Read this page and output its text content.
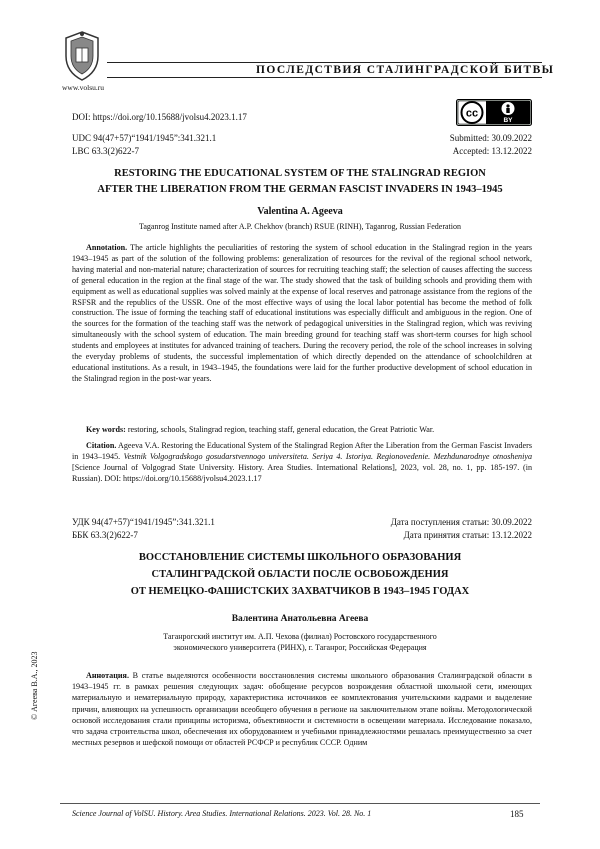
www.volsu.ru
ПОСЛЕДСТВИЯ СТАЛИНГРАДСКОЙ БИТВЫ
DOI: https://doi.org/10.15688/jvolsu4.2023.1.17	cc
BY
UDC 94(47+57)“1941/1945”:341.321.1
LBC 63.3(2)622-7
Submitted: 30.09.2022
Accepted: 13.12.2022
RESTORING THE EDUCATIONAL SYSTEM OF THE STALINGRAD REGION
AFTER THE LIBERATION FROM THE GERMAN FASCIST INVADERS IN 1943–1945
Valentina A. Ageeva
Taganrog Institute named after A.P. Chekhov (branch) RSUE (RINH), Taganrog, Russian Federation
Annotation. The article highlights the peculiarities of restoring the system of school education in the Stalingrad region in the years 1943–1945 as part of the solution of the following problems: generalization of resources for the revival of the regional school network, having material and non-material nature; characterization of sources for recruiting teaching staff; the selection of causes affecting the success of general education in the region at the final stage of the war. The study showed that the task of building schools and providing them with equipment as well as educational supplies was solved mainly at the expense of local reserves and patronage assistance from the regions of the RSFSR and the republics of the USSR. One of the most effective ways of using the local labor potential has become the method of folk construction. The issue of forming the teaching staff of educational institutions was especially difficult and ambiguous in the region. One of the sources for the formation of the teaching staff was the network of pedagogical universities in the Stalingrad region, which was reviving simultaneously with the school system of education. The main breeding ground for teaching staff was short-term courses for high school students and employees at institutes for advanced training of teachers. During the recovery period, the role of the school increases in solving the everyday problems of students, the successful implementation of which directly depended on the attendance of schoolchildren at educational institutions. As a result, in 1943–1945, the foundations were laid for the further productive development of school education in the Stalingrad region in the post-war years.
Key words: restoring, schools, Stalingrad region, teaching staff, general education, the Great Patriotic War.
Citation. Ageeva V.A. Restoring the Educational System of the Stalingrad Region After the Liberation from the German Fascist Invaders in 1943–1945. Vestnik Volgogradskogo gosudarstvennogo universiteta. Seriya 4. Istoriya. Regionovedenie. Mezhdunarodnye otnosheniya [Science Journal of Volgograd State University. History. Area Studies. International Relations], 2023, vol. 28, no. 1, pp. 185-197. (in Russian). DOI: https://doi.org/10.15688/jvolsu4.2023.1.17
УДК 94(47+57)“1941/1945”:341.321.1
ББК 63.3(2)622-7
Дата поступления статьи: 30.09.2022
Дата принятия статьи: 13.12.2022
ВОССТАНОВЛЕНИЕ СИСТЕМЫ ШКОЛЬНОГО ОБРАЗОВАНИЯ
СТАЛИНГРАДСКОЙ ОБЛАСТИ ПОСЛЕ ОСВОБОЖДЕНИЯ
ОТ НЕМЕЦКО-ФАШИСТСКИХ ЗАХВАТЧИКОВ В 1943–1945 ГОДАХ
Валентина Анатольевна Агеева
Таганрогский институт им. А.П. Чехова (филиал) Ростовского государственного
экономического университета (РИНХ), г. Таганрог, Российская Федерация
© Агеева В.А., 2023	Аннотация. В статье выделяются особенности восстановления системы школьного образования Сталинградской области в 1943–1945 гг. в рамках решения следующих задач: обобщение ресурсов возрождения областной школьной сети, имеющих материальную и нематериальную природу, характеристика источников ее комплектования учительскими кадрами и выделение причин, влияющих на успешность организации всеобщего обучения в регионе на заключительном этапе войны. Методологической основой исследования стали принципы историзма, объективности и системности в освещении материала. Исследование показало, что задача строительства школ, обеспечения их оборудованием и учебными принадлежностями решалась преимущественно за счет местных резервов и шефской помощи от областей РСФСР и республик СССР. Одним
Science Journal of VolSU. History. Area Studies. International Relations. 2023. Vol. 28. No. 1	185
